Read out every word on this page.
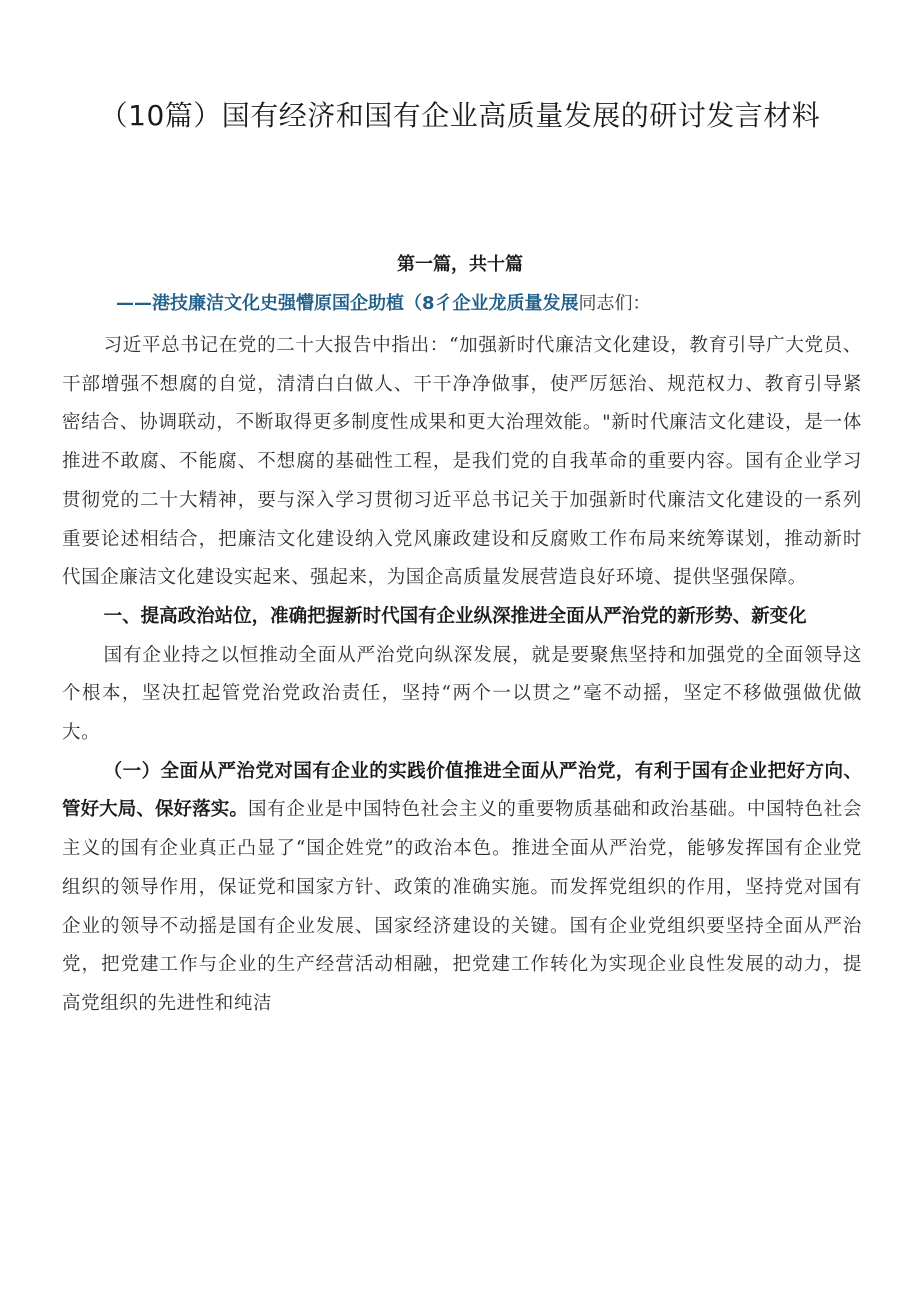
（10篇）国有经济和国有企业高质量发展的研讨发言材料
第一篇，共十篇
——港技廉洁文化史强懵原国企助植（8彳企业龙质量发展同志们：

习近平总书记在党的二十大报告中指出：“加强新时代廉洁文化建设，教育引导广大党员、干部增强不想腐的自觉，清清白白做人、干干净净做事，使严厉惩治、规范权力、教育引导紧密结合、协调联动，不断取得更多制度性成果和更大治理效能。"新时代廉洁文化建设，是一体推进不敢腐、不能腐、不想腐的基础性工程，是我们党的自我革命的重要内容。国有企业学习贯彻党的二十大精神，要与深入学习贯彻习近平总书记关于加强新时代廉洁文化建设的一系列重要论述相结合，把廉洁文化建设纳入党风廉政建设和反腐败工作布局来统筹谋划，推动新时代国企廉洁文化建设实起来、强起来，为国企高质量发展营造良好环境、提供坚强保障。

一、提高政治站位，准确把握新时代国有企业纵深推进全面从严治党的新形势、新变化

国有企业持之以恒推动全面从严治党向纵深发展，就是要聚焦坚持和加强党的全面领导这个根本，坚决扛起管党治党政治责任，坚持“两个一以贯之”毫不动摇，坚定不移做强做优做大。

（一）全面从严治党对国有企业的实践价值推进全面从严治党，有利于国有企业把好方向、管好大局、保好落实。国有企业是中国特色社会主义的重要物质基础和政治基础。中国特色社会主义的国有企业真正凸显了“国企姓党”的政治本色。推进全面从严治党，能够发挥国有企业党组织的领导作用，保证党和国家方针、政策的准确实施。而发挥党组织的作用，坚持党对国有企业的领导不动摇是国有企业发展、国家经济建设的关键。国有企业党组织要坚持全面从严治党，把党建工作与企业的生产经营活动相融，把党建工作转化为实现企业良性发展的动力，提高党组织的先进性和纯洁
